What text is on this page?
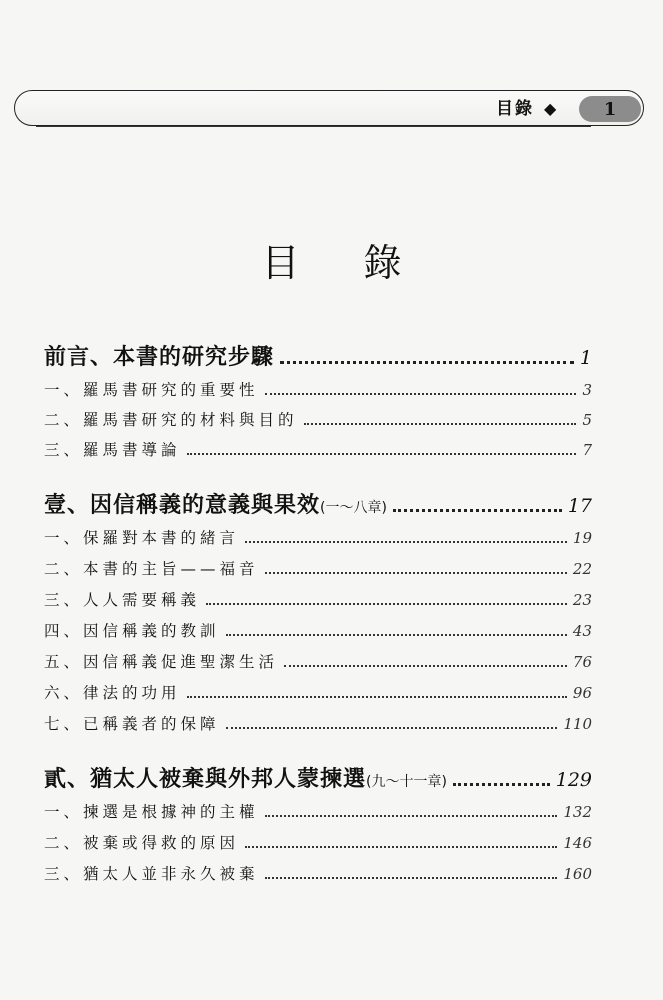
目錄 ◆	1
目 錄
前言、本書的研究步驟	1
一、羅馬書研究的重要性	3
二、羅馬書研究的材料與目的	5
三、羅馬書導論	7
壹、因信稱義的意義與果效 (一～八章)	17
一、保羅對本書的緒言	19
二、本書的主旨——福音	22
三、人人需要稱義	23
四、因信稱義的教訓	43
五、因信稱義促進聖潔生活	76
六、律法的功用	96
七、已稱義者的保障	110
貳、猶太人被棄與外邦人蒙揀選 (九～十一章)	129
一、揀選是根據神的主權	132
二、被棄或得救的原因	146
三、猶太人並非永久被棄	160
